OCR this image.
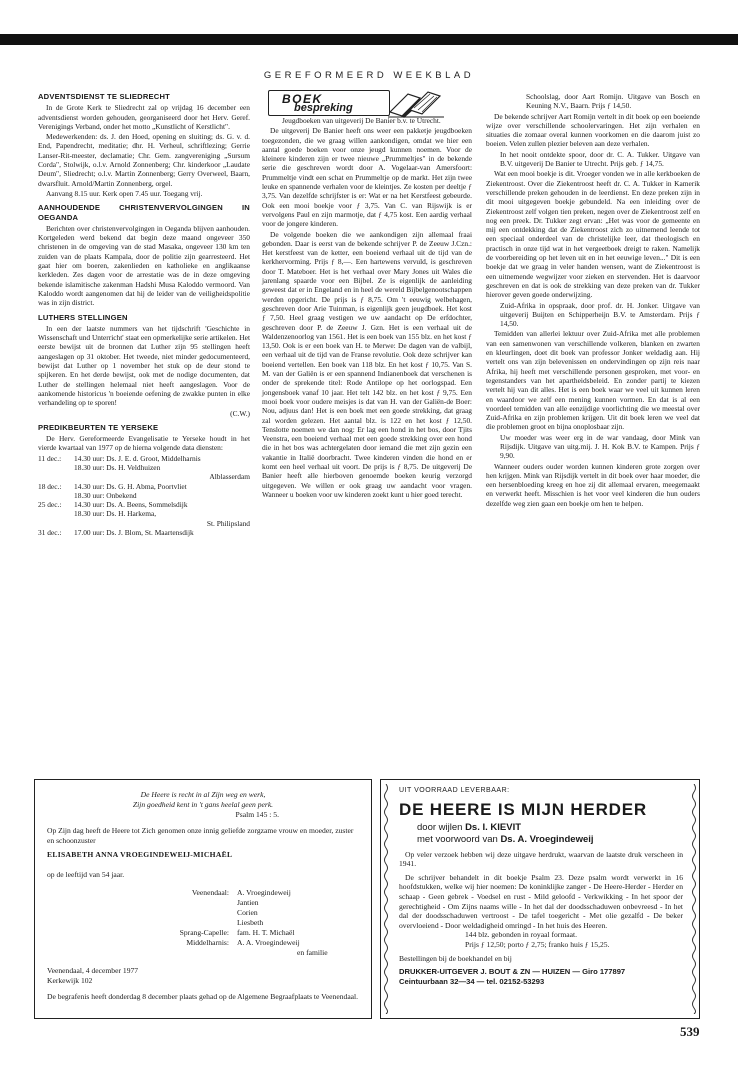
GEREFORMEERD WEEKBLAD
ADVENTSDIENST TE SLIEDRECHT

In de Grote Kerk te Sliedrecht zal op vrijdag 16 december een adventsdienst worden gehouden, georganiseerd door het Herv. Geref. Verenigings Verband, onder het motto „Kunstlicht of Kerstlicht".

Medewerkenden: ds. J. den Hoed, opening en sluiting; ds. G. v. d. End, Papendrecht, meditatie; dhr. H. Verheul, schriftlezing; Gerrie Lanser-Rit-meester, declamatie; Chr. Gem. zangvereniging „Sursum Corda", Stolwijk, o.l.v. Arnold Zonnenberg; Chr. kinderkoor „Laudate Deum", Sliedrecht; o.l.v. Martin Zonnenberg; Gerry Overweel, Baarn, dwarsfluit. Arnold/Martin Zonnenberg, orgel.

Aanvang 8.15 uur. Kerk open 7.45 uur. Toegang vrij.

AANHOUDENDE CHRISTENVERVOLGINGEN IN OEGANDA

Berichten over christenvervolgingen in Oeganda blijven aanhouden. Kortgeleden werd bekend dat begin deze maand ongeveer 350 christenen in de omgeving van de stad Masaka, ongeveer 130 km ten zuiden van de plaats Kampala, door de politie zijn gearresteerd. Het gaat hier om boeren, zakenlieden en katholieke en anglikaanse kerkleden. Zes dagen voor de arrestatie was de in deze omgeving bekende islamitische zakenman Hadshi Musa Kaloddo vermoord. Van Kaloddo wordt aangenomen dat hij de leider van de veiligheidspolitie was in zijn district.

LUTHERS STELLINGEN

In een der laatste nummers van het tijdschrift 'Geschichte in Wissenschaft und Unterricht' staat een opmerkelijke serie artikelen. Het eerste bewijst uit de bronnen dat Luther zijn 95 stellingen heeft aangeslagen op 31 oktober. Het tweede, niet minder gedocumenteerd, bewijst dat Luther op 1 november het stuk op de deur stond te spijkeren. En het derde bewijst, ook met de nodige documenten, dat Luther de stellingen helemaal niet heeft aangeslagen. Voor de aankomende historicus 'n boeiende oefening de zwakke punten in elke verhandeling op te sporen!

(C.W.)
PREDIKBEURTEN TE YERSEKE

De Herv. Gereformeerde Evangelisatie te Yerseke houdt in het vierde kwartaal van 1977 op de hierna volgende data diensten:

11 dec.:	14.30 uur: Ds. J. E. d. Groot, Middelharnis
18.30 uur: Ds. H. Veldhuizen
Alblasserdam
18 dec.:	14.30 uur: Ds. G. H. Abma, Poortvliet
18.30 uur: Onbekend
25 dec.:	14.30 uur: Ds. A. Beens, Sommelsdijk
18.30 uur: Ds. H. Harkema,
St. Philipsland
31 dec.:	17.00 uur: Ds. J. Blom, St. Maartensdijk
BOEK
bespreking

Jeugdboeken van uitgeverij De Banier b.v. te Utrecht.

De uitgeverij De Banier heeft ons weer een pakketje jeugdboeken toegezonden, die we graag willen aankondigen, omdat we hier een aantal goede boeken voor onze jeugd kunnen noemen. Voor de kleinere kinderen zijn er twee nieuwe „Prummeltjes" in de bekende serie die geschreven wordt door A. Vogelaar-van Amersfoort: Prummeltje vindt een schat en Prummeltje op de markt. Het zijn twee leuke en spannende verhalen voor de kleintjes. Ze kosten per deeltje ƒ 3,75. Van dezelfde schrijfster is er: Wat er na het Kerstfeest gebeurde. Ook een mooi boekje voor ƒ 3,75. Van C. van Rijswijk is er vervolgens Paul en zijn marmotje, dat ƒ 4,75 kost. Een aardig verhaal voor de jongere kinderen.

De volgende boeken die we aankondigen zijn allemaal fraai gebonden. Daar is eerst van de bekende schrijver P. de Zeeuw J.Czn.: Het kerstfeest van de ketter, een boeiend verhaal uit de tijd van de kerkhervorming. Prijs ƒ 8,—. Een hartewens vervuld, is geschreven door T. Mateboer. Het is het verhaal over Mary Jones uit Wales die jarenlang spaarde voor een Bijbel. Ze is eigenlijk de aanleiding geweest dat er in Engeland en in heel de wereld Bijbelgenootschappen werden opgericht. De prijs is ƒ 8,75. Om 't eeuwig welbehagen, geschreven door Arie Tuinman, is eigenlijk geen jeugdboek. Het kost ƒ 7,50. Heel graag vestigen we uw aandacht op De erfdochter, geschreven door P. de Zeeuw J. Gzn. Het is een verhaal uit de Waldenzenoorlog van 1561. Het is een boek van 155 blz. en het kost ƒ 13,50. Ook is er een boek van H. te Merwe: De dagen van de valbijl, een verhaal uit de tijd van de Franse revolutie. Ook deze schrijver kan boeiend vertellen. Een boek van 118 blz. En het kost ƒ 10,75. Van S. M. van der Galiën is er een spannend Indianenboek dat verschenen is onder de sprekende titel: Rode Antilope op het oorlogspad. Een jongensboek vanaf 10 jaar. Het telt 142 blz. en het kost ƒ 9,75. Een mooi boek voor oudere meisjes is dat van H. van der Galiën-de Boer: Nou, adjuus dan! Het is een boek met een goede strekking, dat graag zal worden gelezen. Het aantal blz. is 122 en het kost ƒ 12,50. Tenslotte noemen we dan nog: Er lag een hond in het bos, door Tjits Veenstra, een boeiend verhaal met een goede strekking over een hond die in het bos was achtergelaten door iemand die met zijn gezin een vakantie in Italië doorbracht. Twee kinderen vinden die hond en er komt een heel verhaal uit voort. De prijs is ƒ 8,75. De uitgeverij De Banier heeft alle hierboven genoemde boeken keurig verzorgd uitgegeven. We willen er ook graag uw aandacht voor vragen. Wanneer u boeken voor uw kinderen zoekt kunt u hier goed terecht.

Schoolslag, door Aart Romijn. Uitgave van Bosch en Keuning N.V., Baarn. Prijs ƒ 14,50.

De bekende schrijver Aart Romijn vertelt in dit boek op een boeiende wijze over verschillende schoolervaringen. Het zijn verhalen en situaties die zomaar overal kunnen voorkomen en die daarom juist zo boeien. Velen zullen plezier beleven aan deze verhalen.

In het nooit ontdekte spoor, door dr. C. A. Tukker. Uitgave van B.V. uitgeverij De Banier te Utrecht. Prijs geb. ƒ 14,75.

Wat een mooi boekje is dit. Vroeger vonden we in alle kerkboeken de Ziekentroost. Over die Ziekentroost heeft dr. C. A. Tukker in Kamerik verschillende preken gehouden in de leerdienst. En deze preken zijn in dit mooi uitgegeven boekje gebundeld. Na een inleiding over de Ziekentroost zelf volgen tien preken, negen over de Ziekentroost zelf en nog een preek. Dr. Tukker zegt ervan: „Het was voor de gemeente en mij een ontdekking dat de Ziekentroost zich zo uitnemend leende tot een speciaal onderdeel van de christelijke leer, dat theologisch en practisch in onze tijd wat in het vergeetboek dreigt te raken. Namelijk de voorbereiding op het leven uit en in het eeuwige leven..." Dit is een boekje dat we graag in veler handen wensen, want de Ziekentroost is een uitnemende wegwijzer voor zieken en stervenden. Het is daarvoor geschreven en dat is ook de strekking van deze preken van dr. Tukker hierover geven goede onderwijzing.

Zuid-Afrika in opspraak, door prof. dr. H. Jonker. Uitgave van uitgeverij Buijten en Schipperheijn B.V. te Amsterdam. Prijs ƒ 14,50.

Temidden van allerlei lektuur over Zuid-Afrika met alle problemen van een samenwonen van verschillende volkeren, blanken en zwarten en kleurlingen, doet dit boek van professor Jonker weldadig aan. Hij vertelt ons van zijn belevenissen en ondervindingen op zijn reis naar Afrika, hij heeft met verschillende personen gesproken, met voor- en tegenstanders van het apartheidsbeleid. En zonder partij te kiezen vertelt hij van dit alles. Het is een boek waar we veel uit kunnen leren en waardoor we zelf een mening kunnen vormen. En dat is al een voordeel temidden van alle eenzijdige voorlichting die we meestal over Zuid-Afrika en zijn problemen krijgen. Uit dit boek leren we veel dat die problemen groot en bijna onoplosbaar zijn.

Uw moeder was weer erg in de war vandaag, door Mink van Rijsdijk. Uitgave van uitg.mij. J. H. Kok B.V. te Kampen. Prijs ƒ 9,90.

Wanneer ouders ouder worden kunnen kinderen grote zorgen over hen krijgen. Mink van Rijsdijk vertelt in dit boek over haar moeder, die een hersenbloeding kreeg en hoe zij dit allemaal ervaren, meegemaakt en verwerkt heeft. Misschien is het voor veel kinderen die hun ouders dezelfde weg zien gaan een boekje om hen te helpen.

De Heere is recht in al Zijn weg en werk,
Zijn goedheid kent in 't gans heelal geen perk.
Psalm 145 : 5.
Op Zijn dag heeft de Heere tot Zich genomen onze innig geliefde zorgzame vrouw en moeder, zuster en schoonzuster
ELISABETH ANNA VROEGINDEWEIJ-MICHAËL
op de leeftijd van 54 jaar.
Veenendaal:	A. Vroegindeweij
Jantien
Corien
Liesbeth
Sprang-Capelle:	fam. H. T. Michaël
Middelharnis:	A. A. Vroegindeweij
en familie
Veenendaal, 4 december 1977
Kerkewijk 102
De begrafenis heeft donderdag 8 december plaats gehad op de Algemene Begraafplaats te Veenendaal.
UIT VOORRAAD LEVERBAAR:
DE HEERE IS MIJN HERDER
door wijlen Ds. I. KIEVIT
met voorwoord van Ds. A. Vroegindeweij

Op veler verzoek hebben wij deze uitgave herdrukt, waarvan de laatste druk verscheen in 1941.

De schrijver behandelt in dit boekje Psalm 23. Deze psalm wordt verwerkt in 16 hoofdstukken, welke wij hier noemen: De koninklijke zanger - De Heere-Herder - Herder en schaap - Geen gebrek - Voedsel en rust - Mild geloofd - Verkwikking - In het spoor der gerechtigheid - Om Zijns naams wille - In het dal der doodsschaduwen onbevreesd - In het dal der doodsschaduwen vertroost - De tafel toegericht - Met olie gezalfd - De beker overvloeiend - Door weldadigheid omringd - In het huis des Heeren.

144 blz. gebonden in royaal formaat.

Prijs ƒ 12,50; porto ƒ 2,75; franko huis ƒ 15,25.

Bestellingen bij de boekhandel en bij

DRUKKER-UITGEVER J. BOUT & ZN — HUIZEN — Giro 177897
Ceintuurbaan 32—34 — tel. 02152-53293
539
